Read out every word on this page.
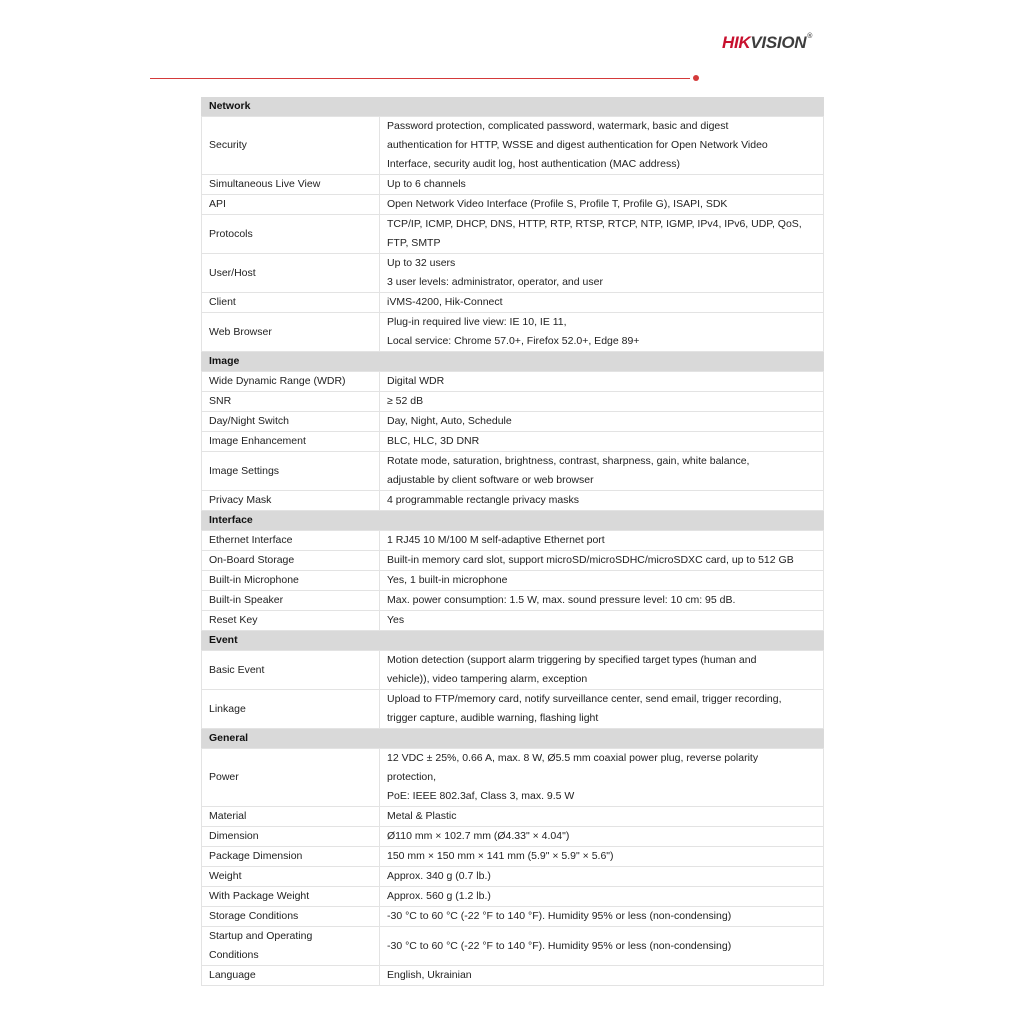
HIKVISION®
Network	
Security	Password protection, complicated password, watermark, basic and digest
authentication for HTTP, WSSE and digest authentication for Open Network Video
Interface, security audit log, host authentication (MAC address)

Simultaneous Live View	Up to 6 channels

API	Open Network Video Interface (Profile S, Profile T, Profile G), ISAPI, SDK

Protocols	TCP/IP, ICMP, DHCP, DNS, HTTP, RTP, RTSP, RTCP, NTP, IGMP, IPv4, IPv6, UDP, QoS,
FTP, SMTP

User/Host	Up to 32 users
3 user levels: administrator, operator, and user

Client	iVMS-4200, Hik-Connect

Web Browser	Plug-in required live view: IE 10, IE 11,
Local service: Chrome 57.0+, Firefox 52.0+, Edge 89+

Image	
Wide Dynamic Range (WDR)	Digital WDR

SNR	≥ 52 dB

Day/Night Switch	Day, Night, Auto, Schedule

Image Enhancement	BLC, HLC, 3D DNR

Image Settings	Rotate mode, saturation, brightness, contrast, sharpness, gain, white balance,
adjustable by client software or web browser

Privacy Mask	4 programmable rectangle privacy masks

Interface	
Ethernet Interface	1 RJ45 10 M/100 M self-adaptive Ethernet port

On-Board Storage	Built-in memory card slot, support microSD/microSDHC/microSDXC card, up to 512 GB

Built-in Microphone	Yes, 1 built-in microphone

Built-in Speaker	Max. power consumption: 1.5 W, max. sound pressure level: 10 cm: 95 dB.

Reset Key	Yes

Event	
Basic Event	Motion detection (support alarm triggering by specified target types (human and
vehicle)), video tampering alarm, exception

Linkage	Upload to FTP/memory card, notify surveillance center, send email, trigger recording,
trigger capture, audible warning, flashing light

General	
Power	12 VDC ± 25%, 0.66 A, max. 8 W, Ø5.5 mm coaxial power plug, reverse polarity
protection,
PoE: IEEE 802.3af, Class 3, max. 9.5 W

Material	Metal & Plastic

Dimension	Ø110 mm × 102.7 mm (Ø4.33" × 4.04")

Package Dimension	150 mm × 150 mm × 141 mm (5.9" × 5.9" × 5.6")

Weight	Approx. 340 g (0.7 lb.)

With Package Weight	Approx. 560 g (1.2 lb.)

Storage Conditions	-30 °C to 60 °C (-22 °F to 140 °F). Humidity 95% or less (non-condensing)

Startup and Operating
Conditions	-30 °C to 60 °C (-22 °F to 140 °F). Humidity 95% or less (non-condensing)

Language	English, Ukrainian
